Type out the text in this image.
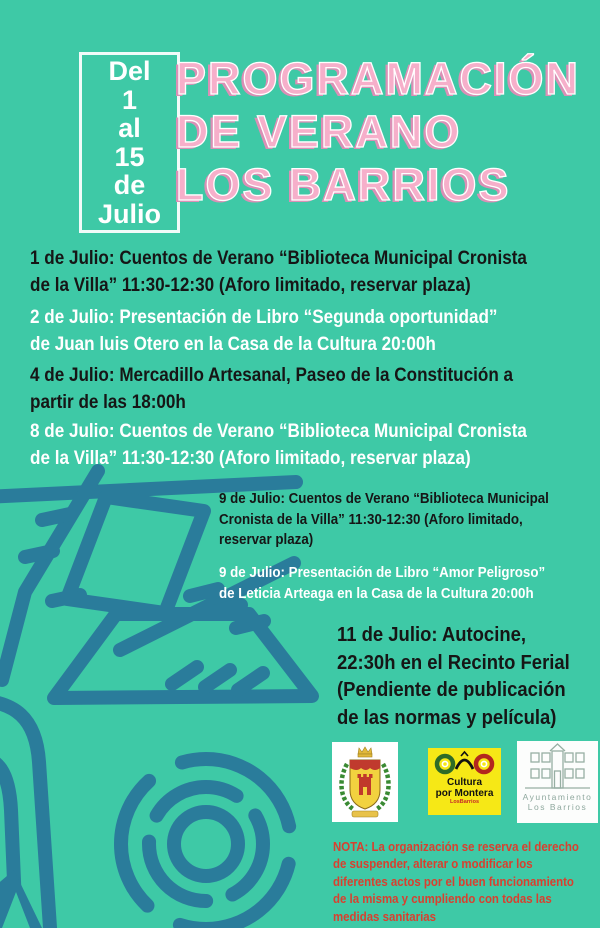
Del
1
al
15
de
Julio
PROGRAMACIÓN
DE VERANO
LOS BARRIOS
1 de Julio: Cuentos de Verano “Biblioteca Municipal Cronista
de la Villa” 11:30-12:30 (Aforo limitado, reservar plaza)
2 de Julio: Presentación de Libro “Segunda oportunidad”
de Juan luis Otero en la Casa de la Cultura 20:00h
4 de Julio: Mercadillo Artesanal, Paseo de la Constitución a
partir de las 18:00h
8 de Julio: Cuentos de Verano “Biblioteca Municipal Cronista
de la Villa” 11:30-12:30 (Aforo limitado, reservar plaza)
9 de Julio: Cuentos de Verano “Biblioteca Municipal
Cronista de la Villa” 11:30-12:30 (Aforo limitado,
reservar plaza)
9 de Julio: Presentación de Libro “Amor Peligroso”
de Leticia Arteaga en la Casa de la Cultura 20:00h
11 de Julio: Autocine,
22:30h en el Recinto Ferial
(Pendiente de publicación
de las normas y película)
Cultura
por Montera
LosBarrios	Ayuntamiento
Los Barrios
NOTA: La organización se reserva el derecho
de suspender, alterar o modificar los
diferentes actos por el buen funcionamiento
de la misma y cumpliendo con todas las
medidas sanitarias
